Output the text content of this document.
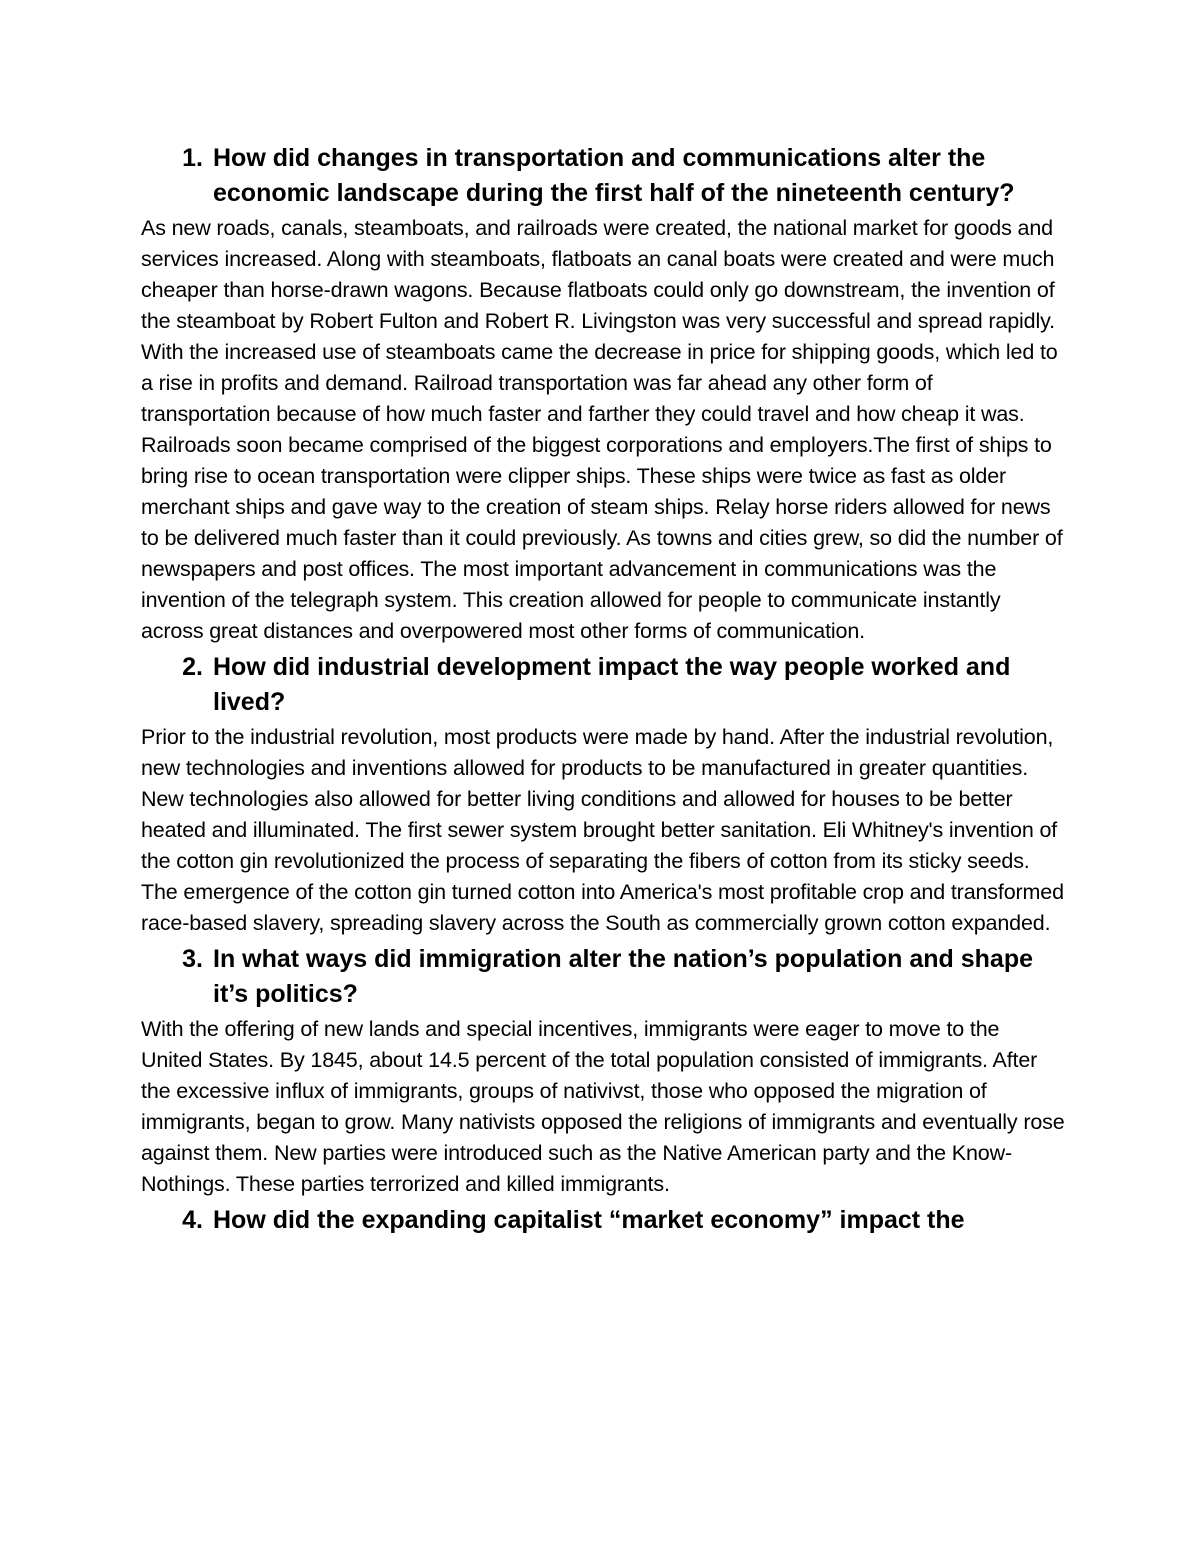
1. How did changes in transportation and communications alter the economic landscape during the first half of the nineteenth century?

As new roads, canals, steamboats, and railroads were created, the national market for goods and services increased. Along with steamboats, flatboats an canal boats were created and were much cheaper than horse-drawn wagons. Because flatboats could only go downstream, the invention of the steamboat by Robert Fulton and Robert R. Livingston was very successful and spread rapidly. With the increased use of steamboats came the decrease in price for shipping goods, which led to a rise in profits and demand. Railroad transportation was far ahead any other form of transportation because of how much faster and farther they could travel and how cheap it was. Railroads soon became comprised of the biggest corporations and employers.The first of ships to bring rise to ocean transportation were clipper ships. These ships were twice as fast as older merchant ships and gave way to the creation of steam ships. Relay horse riders allowed for news to be delivered much faster than it could previously. As towns and cities grew, so did the number of newspapers and post offices. The most important advancement in communications was the invention of the telegraph system. This creation allowed for people to communicate instantly across great distances and overpowered most other forms of communication.

2. How did industrial development impact the way people worked and lived?

Prior to the industrial revolution, most products were made by hand. After the industrial revolution, new technologies and inventions allowed for products to be manufactured in greater quantities. New technologies also allowed for better living conditions and allowed for houses to be better heated and illuminated. The first sewer system brought better sanitation. Eli Whitney's invention of the cotton gin revolutionized the process of separating the fibers of cotton from its sticky seeds. The emergence of the cotton gin turned cotton into America's most profitable crop and transformed race-based slavery, spreading slavery across the South as commercially grown cotton expanded.

3. In what ways did immigration alter the nation’s population and shape it’s politics?

With the offering of new lands and special incentives, immigrants were eager to move to the United States. By 1845, about 14.5 percent of the total population consisted of immigrants. After the excessive influx of immigrants, groups of nativivst, those who opposed the migration of immigrants, began to grow. Many nativists opposed the religions of immigrants and eventually rose against them. New parties were introduced such as the Native American party and the Know-Nothings. These parties terrorized and killed immigrants.

4. How did the expanding capitalist “market economy” impact the
